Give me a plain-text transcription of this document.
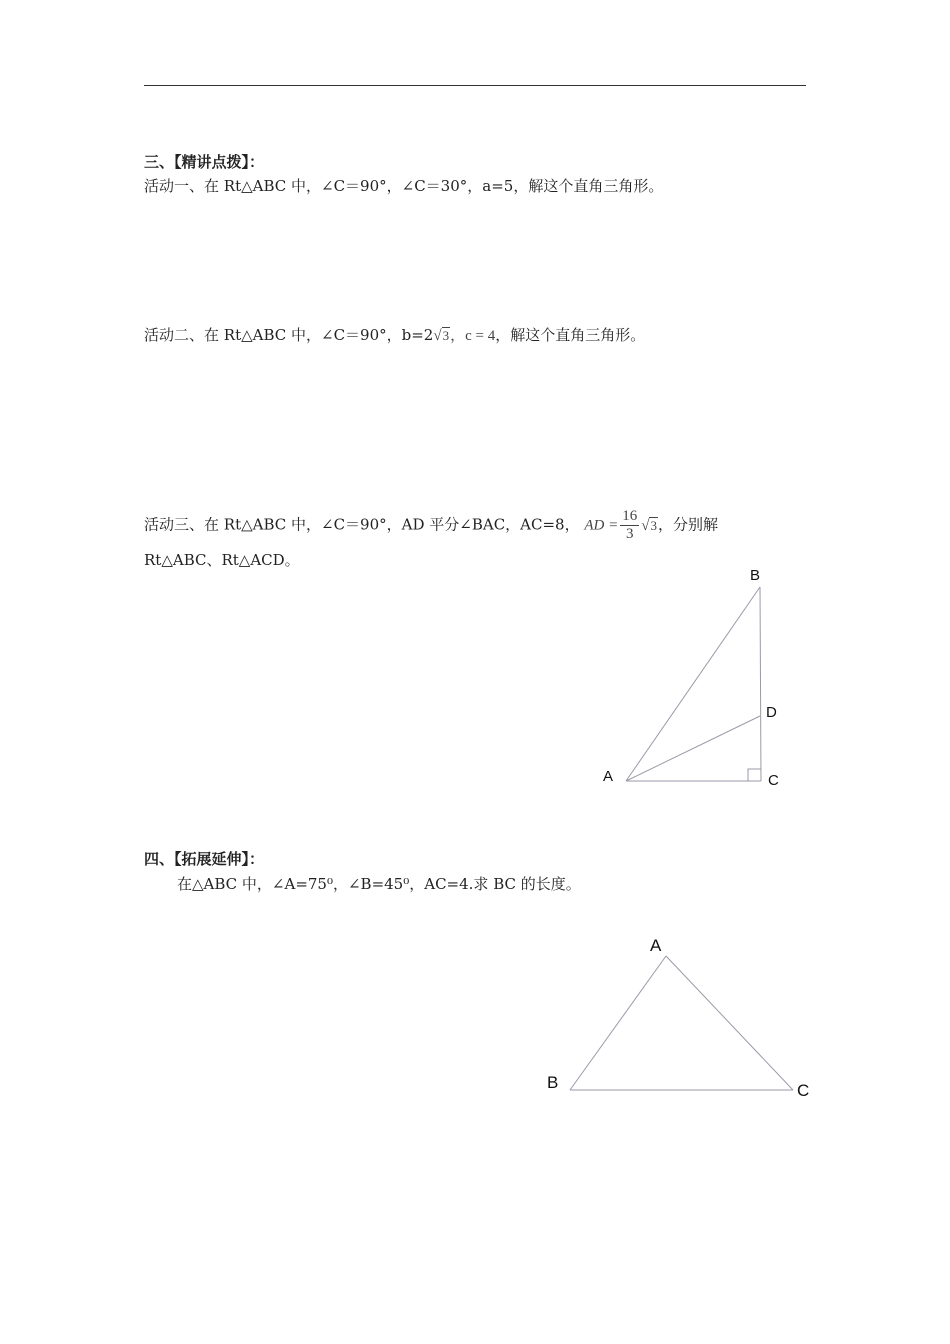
三、【精讲点拨】：
活动一、在 Rt△ABC 中，∠C＝90°，∠C＝30°，a=5，解这个直角三角形。
活动二、在 Rt△ABC 中，∠C＝90°，b=2√3，c = 4，解这个直角三角形。
活动三、在 Rt△ABC 中，∠C＝90°，AD 平分∠BAC，AC=8， AD = $\frac{16}{3} √3$，分别解
Rt△ABC、Rt△ACD。
四、【拓展延伸】：
在△ABC 中，∠A=75⁰，∠B=45⁰，AC=4.求 BC 的长度。
B
D
A	C
A
B	C
